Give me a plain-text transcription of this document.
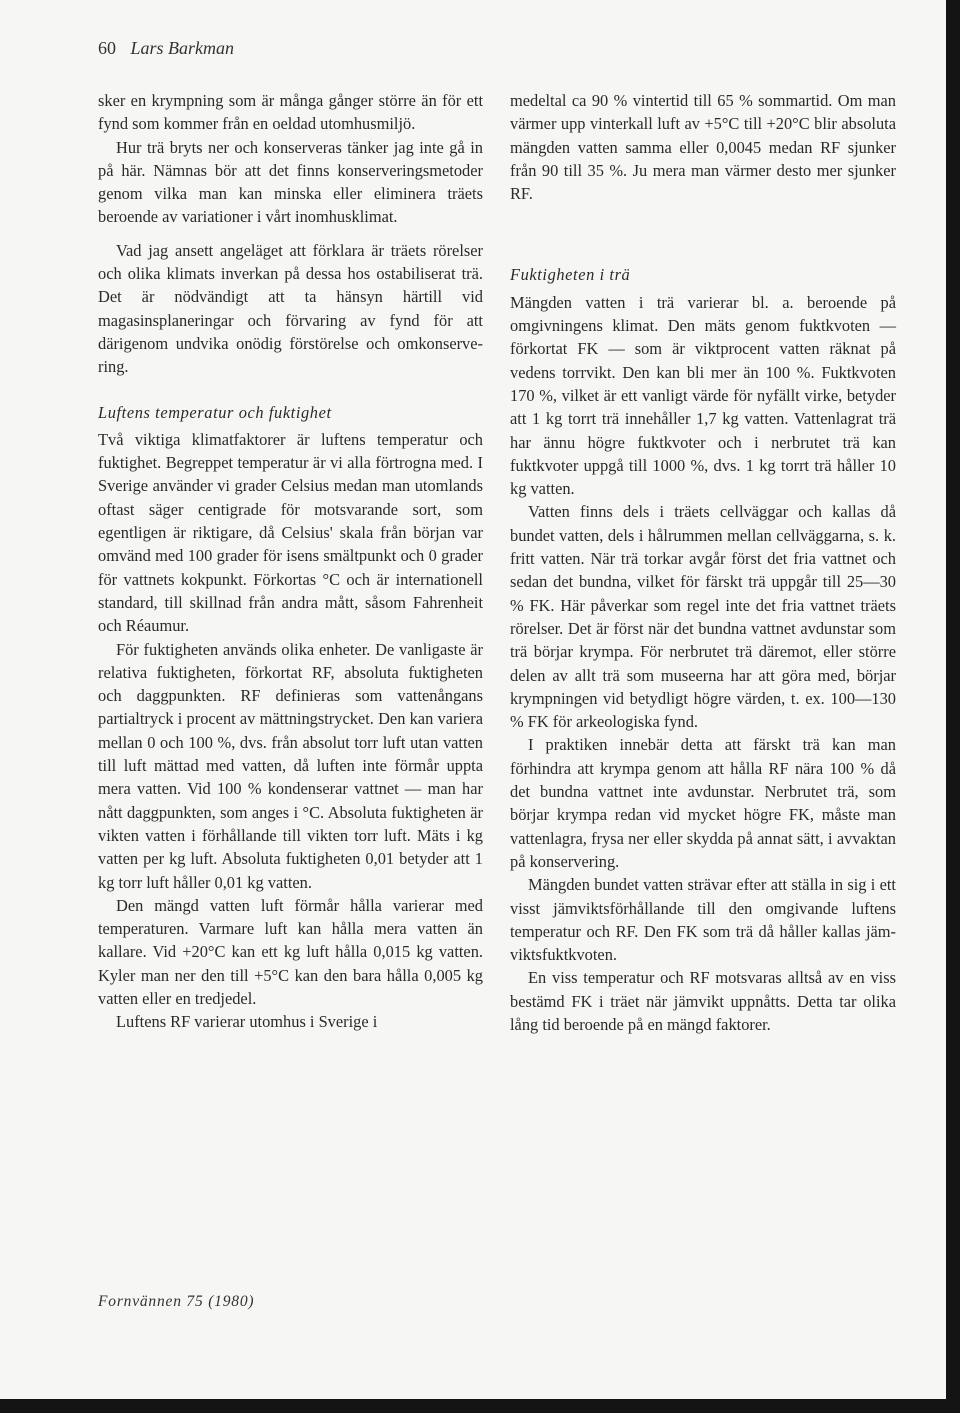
60 Lars Barkman

sker en krympning som är många gånger större än för ett fynd som kommer från en oeldad utomhusmiljö.

Hur trä bryts ner och konserveras tänker jag inte gå in på här. Nämnas bör att det finns konserveringsmetoder genom vilka man kan minska eller eliminera träets beroende av variationer i vårt inomhusklimat.

Vad jag ansett angeläget att förklara är träets rörelser och olika klimats inverkan på dessa hos ostabiliserat trä. Det är nödvändigt att ta hänsyn härtill vid magasinsplaneringar och förvaring av fynd för att därigenom undvika onödig förstörelse och omkonservering.

Luftens temperatur och fuktighet

Två viktiga klimatfaktorer är luftens temperatur och fuktighet. Begreppet temperatur är vi alla förtrogna med. I Sverige använder vi grader Celsius medan man utomlands oftast säger centigrade för motsvarande sort, som egentligen är riktigare, då Celsius' skala från början var omvänd med 100 grader för isens smältpunkt och 0 grader för vattnets kokpunkt. Förkortas °C och är internationell standard, till skillnad från andra mått, såsom Fahrenheit och Réaumur.

För fuktigheten används olika enheter. De vanligaste är relativa fuktigheten, förkortat RF, absoluta fuktigheten och daggpunkten. RF definieras som vattenångans partialtryck i procent av mättningstrycket. Den kan variera mellan 0 och 100 %, dvs. från absolut torr luft utan vatten till luft mättad med vatten, då luften inte förmår uppta mera vatten. Vid 100 % kondenserar vattnet — man har nått daggpunkten, som anges i °C. Absoluta fuktigheten är vikten vatten i förhållande till vikten torr luft. Mäts i kg vatten per kg luft. Absoluta fuktigheten 0,01 betyder att 1 kg torr luft håller 0,01 kg vatten.

Den mängd vatten luft förmår hålla varierar med temperaturen. Varmare luft kan hålla mera vatten än kallare. Vid +20°C kan ett kg luft hålla 0,015 kg vatten. Kyler man ner den till +5°C kan den bara hålla 0,005 kg vatten eller en tredjedel.

Luftens RF varierar utomhus i Sverige i

medeltal ca 90 % vintertid till 65 % sommartid. Om man värmer upp vinterkall luft av +5°C till +20°C blir absoluta mängden vatten samma eller 0,0045 medan RF sjunker från 90 till 35 %. Ju mera man värmer desto mer sjunker RF.

Fuktigheten i trä

Mängden vatten i trä varierar bl. a. beroende på omgivningens klimat. Den mäts genom fuktkvoten — förkortat FK — som är viktprocent vatten räknat på vedens torrvikt. Den kan bli mer än 100 %. Fuktkvoten 170 %, vilket är ett vanligt värde för nyfällt virke, betyder att 1 kg torrt trä innehåller 1,7 kg vatten. Vattenlagrat trä har ännu högre fuktkvoter och i nerbrutet trä kan fuktkvoter uppgå till 1000 %, dvs. 1 kg torrt trä håller 10 kg vatten.

Vatten finns dels i träets cellväggar och kallas då bundet vatten, dels i hålrummen mellan cellväggarna, s. k. fritt vatten. När trä torkar avgår först det fria vattnet och sedan det bundna, vilket för färskt trä uppgår till 25—30 % FK. Här påverkar som regel inte det fria vattnet träets rörelser. Det är först när det bundna vattnet avdunstar som trä börjar krympa. För nerbrutet trä däremot, eller större delen av allt trä som museerna har att göra med, börjar krympningen vid betydligt högre värden, t. ex. 100—130 % FK för arkeologiska fynd.

I praktiken innebär detta att färskt trä kan man förhindra att krympa genom att hålla RF nära 100 % då det bundna vattnet inte avdunstar. Nerbrutet trä, som börjar krympa redan vid mycket högre FK, måste man vattenlagra, frysa ner eller skydda på annat sätt, i avvaktan på konservering.

Mängden bundet vatten strävar efter att ställa in sig i ett visst jämviktsförhållande till den omgivande luftens temperatur och RF. Den FK som trä då håller kallas jämviktsfuktkvoten.

En viss temperatur och RF motsvaras alltså av en viss bestämd FK i träet när jämvikt uppnåtts. Detta tar olika lång tid beroende på en mängd faktorer.

Fornvännen 75 (1980)
